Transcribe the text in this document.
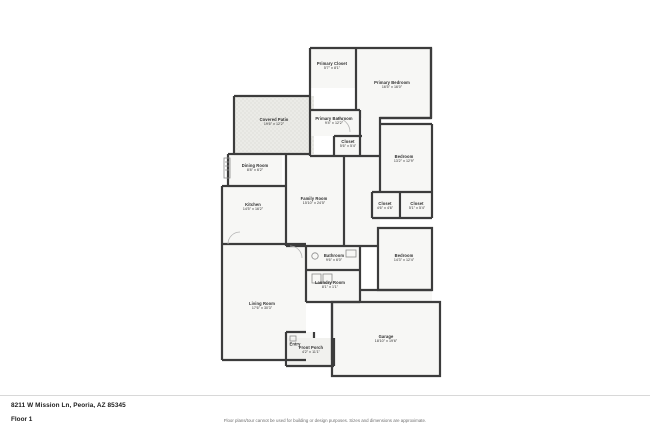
Primary Closet
5'7" x 8'1"
Primary Bedroom
16'5" x 16'0"
Covered Patio
19'6" x 12'2"
Primary Bathroom
9'4" x 12'2"
Closet
5'6" x 5'4"
Bedroom
13'2" x 12'9"
Dining Room
8'8" x 6'2"
Closet
4'6" x 4'6"
Closet
5'1" x 5'4"
Family Room
15'10" x 24'5"
Kitchen
14'5" x 16'2"
Bedroom
14'3" x 12'4"
Bathroom
9'6" x 6'0"
Laundry Room
8'1" x 1'1"
Living Room
17'6" x 30'3"
Garage
18'10" x 19'6"
Entry
Front Porch
4'2" x 11'1"
8211 W Mission Ln, Peoria, AZ 85345
Floor 1	Floor plans/tour cannot be used for building or design purposes. Sizes and dimensions are approximate.
